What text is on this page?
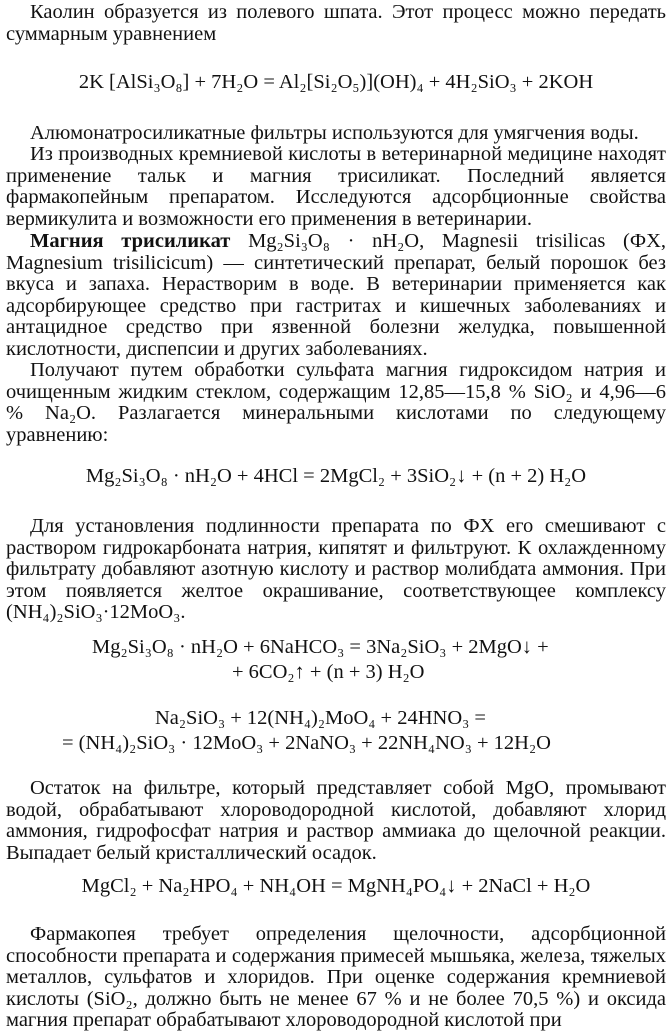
Каолин образуется из полевого шпата. Этот процесс можно передать суммарным уравнением

2K [AlSi₃O₈] + 7H₂O = Al₂[Si₂O₅)](OH)₄ + 4H₂SiO₃ + 2KOH

Алюмонатросиликатные фильтры используются для умягчения воды.

Из производных кремниевой кислоты в ветеринарной медицине находят применение тальк и магния трисиликат. Последний является фармакопейным препаратом. Исследуются адсорбционные свойства вермикулита и возможности его применения в ветеринарии.

Магния трисиликат Mg₂Si₃O₈ · nH₂O, Magnesii trisilicas (ФХ, Magnesium trisilicicum) — синтетический препарат, белый порошок без вкуса и запаха. Нерастворим в воде. В ветеринарии применяется как адсорбирующее средство при гастритах и кишечных заболеваниях и антацидное средство при язвенной болезни желудка, повышенной кислотности, диспепсии и других заболеваниях.

Получают путем обработки сульфата магния гидроксидом натрия и очищенным жидким стеклом, содержащим 12,85—15,8 % SiO₂ и 4,96—6 % Na₂O. Разлагается минеральными кислотами по следующему уравнению:

Mg₂Si₃O₈ · nH₂O + 4HCl = 2MgCl₂ + 3SiO₂↓ + (n + 2) H₂O

Для установления подлинности препарата по ФХ его смешивают с раствором гидрокарбоната натрия, кипятят и фильтруют. К охлажденному фильтрату добавляют азотную кислоту и раствор молибдата аммония. При этом появляется желтое окрашивание, соответствующее комплексу (NH₄)₂SiO₃·12MoO₃.

Mg₂Si₃O₈ · nH₂O + 6NaHCO₃ = 3Na₂SiO₃ + 2MgO↓ +

+ 6CO₂↑ + (n + 3) H₂O

Na₂SiO₃ + 12(NH₄)₂MoO₄ + 24HNO₃ =

= (NH₄)₂SiO₃ · 12MoO₃ + 2NaNO₃ + 22NH₄NO₃ + 12H₂O

Остаток на фильтре, который представляет собой MgO, промывают водой, обрабатывают хлороводородной кислотой, добавляют хлорид аммония, гидрофосфат натрия и раствор аммиака до щелочной реакции. Выпадает белый кристаллический осадок.

MgCl₂ + Na₂HPO₄ + NH₄OH = MgNH₄PO₄↓ + 2NaCl + H₂O

Фармакопея требует определения щелочности, адсорбционной способности препарата и содержания примесей мышьяка, железа, тяжелых металлов, сульфатов и хлоридов. При оценке содержания кремниевой кислоты (SiO₂, должно быть не менее 67 % и не более 70,5 %) и оксида магния препарат обрабатывают хлороводородной кислотой при
